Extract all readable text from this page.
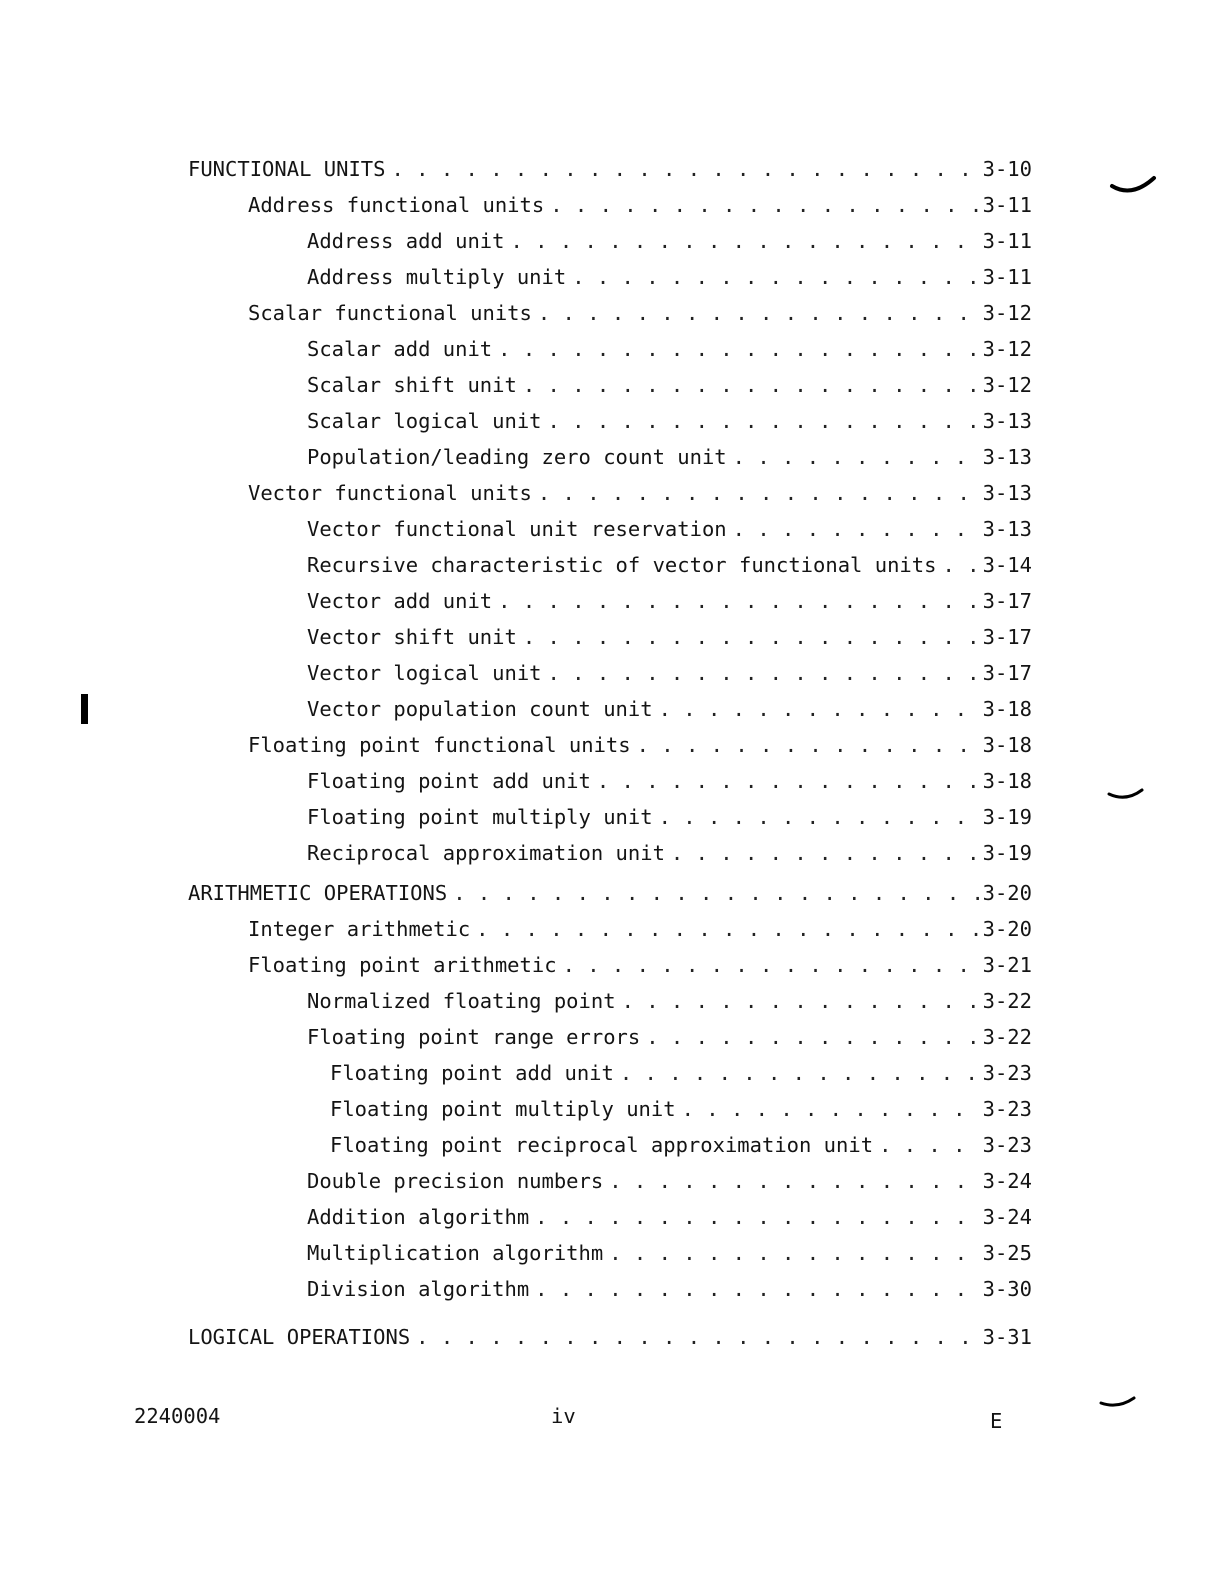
FUNCTIONAL UNITS . . .	3-10
Address functional units . . .	3-11
Address add unit . . .	3-11
Address multiply unit . . .	3-11
Scalar functional units . . .	3-12
Scalar add unit . . .	3-12
Scalar shift unit . . .	3-12
Scalar logical unit . . .	3-13
Population/leading zero count unit . . .	3-13
Vector functional units . . .	3-13
Vector functional unit reservation . . .	3-13
Recursive characteristic of vector functional units . . . 3-14
Vector add unit . . .	3-17
Vector shift unit . . .	3-17
Vector logical unit . . .	3-17
Vector population count unit . . .	3-18
Floating point functional units . . .	3-18
Floating point add unit . . .	3-18
Floating point multiply unit . . .	3-19
Reciprocal approximation unit . . .	3-19
ARITHMETIC OPERATIONS . . .	3-20
Integer arithmetic . . .	3-20
Floating point arithmetic . . .	3-21
Normalized floating point . . .	3-22
Floating point range errors . . .	3-22
Floating point add unit . . .	3-23
Floating point multiply unit . . .	3-23
Floating point reciprocal approximation unit . . .	3-23
Double precision numbers . . .	3-24
Addition algorithm . . .	3-24
Multiplication algorithm . . .	3-25
Division algorithm . . .	3-30
LOGICAL OPERATIONS . . .	3-31
2240004	iv	E
